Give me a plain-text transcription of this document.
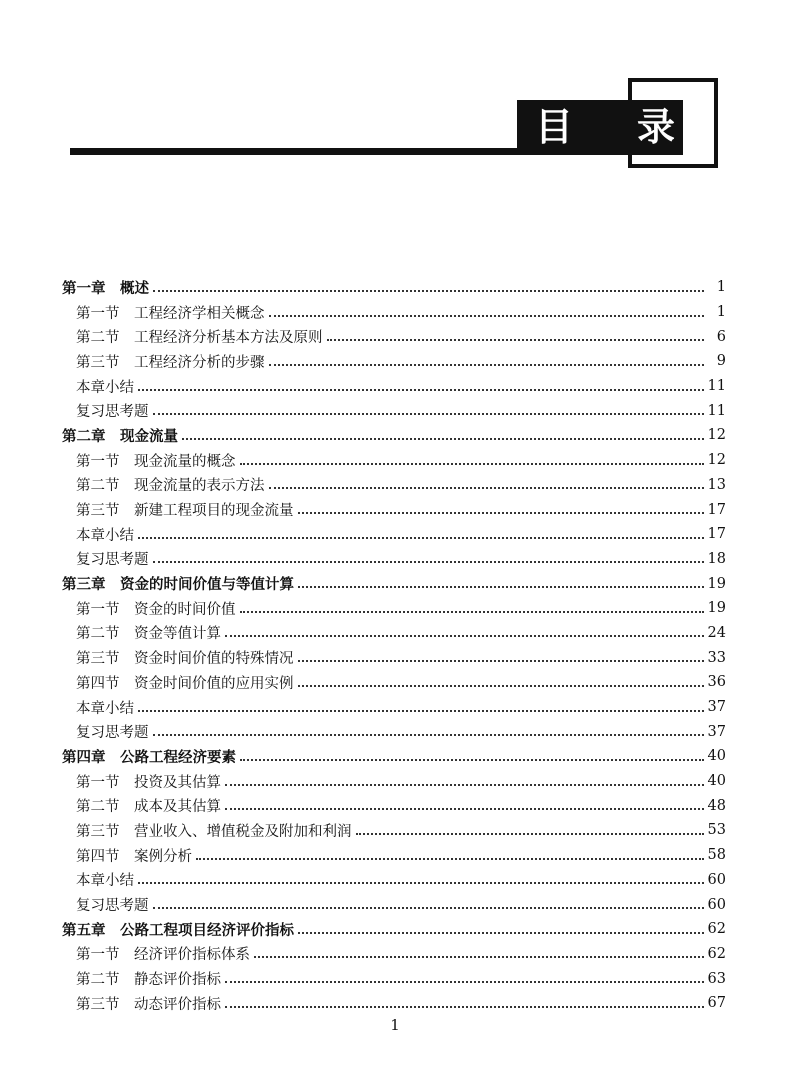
目 录
第一章　概述	1
第一节　工程经济学相关概念	1
第二节　工程经济分析基本方法及原则	6
第三节　工程经济分析的步骤	9
本章小结	11
复习思考题	11
第二章　现金流量	12
第一节　现金流量的概念	12
第二节　现金流量的表示方法	13
第三节　新建工程项目的现金流量	17
本章小结	17
复习思考题	18
第三章　资金的时间价值与等值计算	19
第一节　资金的时间价值	19
第二节　资金等值计算	24
第三节　资金时间价值的特殊情况	33
第四节　资金时间价值的应用实例	36
本章小结	37
复习思考题	37
第四章　公路工程经济要素	40
第一节　投资及其估算	40
第二节　成本及其估算	48
第三节　营业收入、增值税金及附加和利润	53
第四节　案例分析	58
本章小结	60
复习思考题	60
第五章　公路工程项目经济评价指标	62
第一节　经济评价指标体系	62
第二节　静态评价指标	63
第三节　动态评价指标	67
1
